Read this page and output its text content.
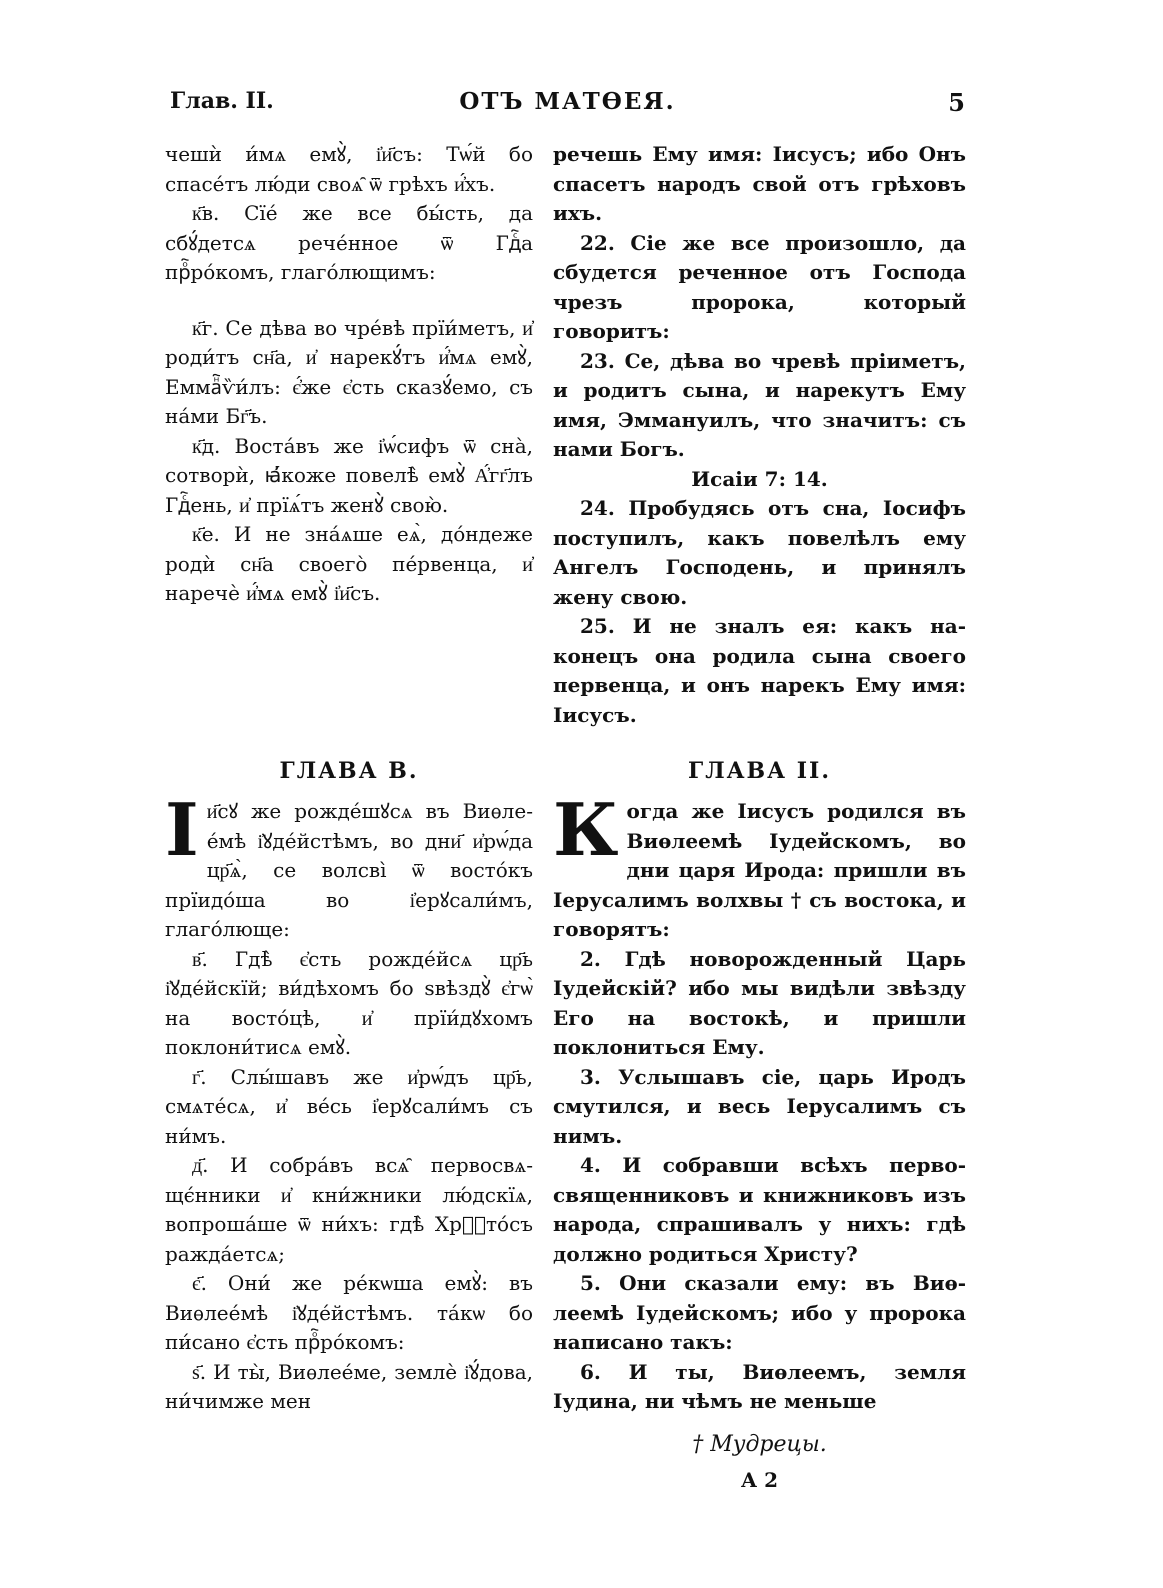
Глав. II.	ОТЪ МАТѲЕЯ.	5

чешѝ и́мѧ емꙋ̀, і҆и҃съ: Тѡ́й бо спасе́тъ лю́ди своѧ̑ ѿ грѣхъ и҆́хъ.

к҃в. Сїе́ же все бы́сть, да сбꙋ́детсѧ рече́нное ѿ Гдⷭ҇а прⷪ҇ро́комъ, глаго́лющимъ:

к҃г. Се дѣва во чре́вѣ прїи́метъ, и҆ роди́тъ сн҃а, и҆ нарекꙋ́тъ и҆́мѧ емꙋ̀, Еммаⷩ҇ѷи́лъ: є҆́же є҆сть сказꙋ́емо, съ на́ми Бг҃ъ.

к҃д. Воста́въ же і҆ѡ́сифъ ѿ сна̀, сотворѝ, ꙗ҆́коже повелѣ̀ емꙋ̀ А҆́гг҃лъ Гдⷭ҇ень, и҆ прїѧ́тъ женꙋ̀ свою̀.

к҃е. И не зна́ѧше еѧ̀, до́ндеже родѝ сн҃а своего̀ пе́рвенца, и҆ наречѐ и҆́мѧ емꙋ̀ і҆и҃съ.

речешь Ему имя: Іисусъ; ибо Онъ спасетъ народъ свой отъ грѣховъ ихъ.

22. Сіе же все произошло, да сбудется реченное отъ Господа чрезъ пророка, который говоритъ:

23. Се, дѣва во чревѣ пріиметъ, и родитъ сына, и нарекутъ Ему имя, Эммануилъ, что значитъ: съ нами Богъ.

Исаіи 7: 14.

24. Пробудясь отъ сна, Іосифъ поступилъ, какъ повелѣлъ ему Ангелъ Господень, и принялъ жену свою.

25. И не зналъ ея: какъ наконецъ она родила сына своего первенца, и онъ нарекъ Ему имя: Іисусъ.

ГЛАВА В.	ГЛАВА II.

Іи҃сꙋ же рожде́шꙋсѧ въ Виѳлее́мѣ і҆ꙋде́йстѣмъ, во дни҃ и҆рѡ́да цр҃ѧ̀, се волсві̀ ѿ восто́къ прїидо́ша во і҆ерꙋсали́мъ, глаго́люще:

в҃. Гдѣ̀ є҆сть рожде́йсѧ цр҃ь і҆ꙋде́йскїй; ви́дѣхомъ бо sвѣздꙋ̀ є҆гѡ̀ на восто́цѣ, и҆ прїи́дꙋхомъ поклони́тисѧ емꙋ̀.

г҃. Слы́шавъ же и҆рѡ́дъ цр҃ь, смѧте́сѧ, и҆ ве́сь і҆ерꙋсали́мъ съ ни́мъ.

д҃. И собра́въ всѧ̑ первосвѧщє́нники и҆ кни́жники лю́дскїѧ, вопроша́ше ѿ ни́хъ: гдѣ̀ Хрⷭ҇то́съ ражда́етсѧ;

є҃. Они́ же ре́кѡша емꙋ̀: въ Виѳлее́мѣ і҆ꙋде́йстѣмъ. та́кѡ бо пи́сано є҆сть прⷪ҇ро́комъ:

ѕ҃. И ты̀, Виѳлее́ме, землѐ і҆ꙋ́дова, ни́чимже мен

Когда же Іисусъ родился въ Виѳлеемѣ Іудейскомъ, во дни царя Ирода: пришли въ Іерусалимъ волхвы † съ востока, и говорятъ:

2. Гдѣ новорожденный Царь Іудейскій? ибо мы видѣли звѣзду Его на востокѣ, и пришли поклониться Ему.

3. Услышавъ сіе, царь Иродъ смутился, и весь Іерусалимъ съ нимъ.

4. И собравши всѣхъ первосвященниковъ и книжниковъ изъ народа, спрашивалъ у нихъ: гдѣ должно родиться Христу?

5. Они сказали ему: въ Виѳлеемѣ Іудейскомъ; ибо у пророка написано такъ:

6. И ты, Виѳлеемъ, земля Іудина, ни чѣмъ не меньше

† Мудрецы.
А 2
